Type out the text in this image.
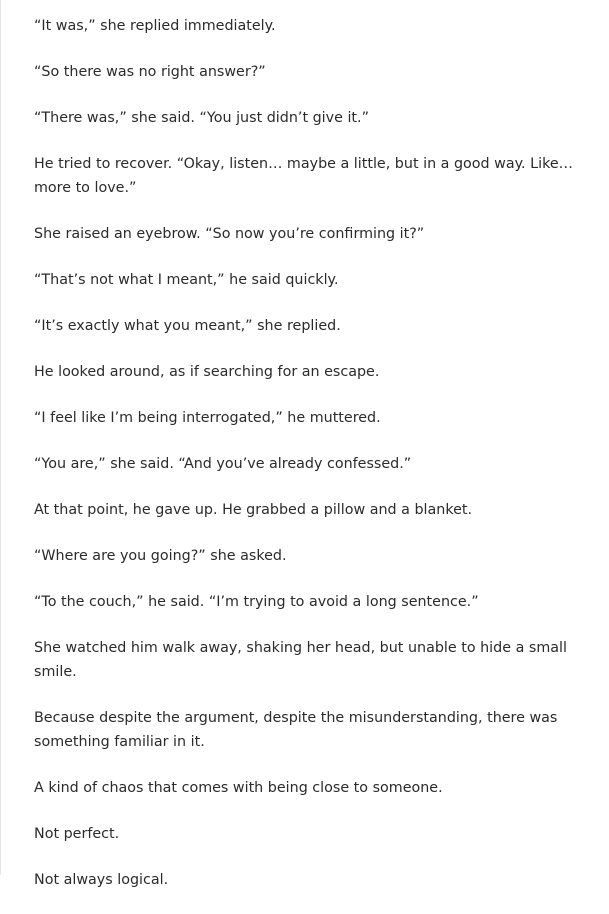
“It was,” she replied immediately.

“So there was no right answer?”

“There was,” she said. “You just didn’t give it.”

He tried to recover. “Okay, listen… maybe a little, but in a good way. Like… more to love.”

She raised an eyebrow. “So now you’re confirming it?”

“That’s not what I meant,” he said quickly.

“It’s exactly what you meant,” she replied.

He looked around, as if searching for an escape.

“I feel like I’m being interrogated,” he muttered.

“You are,” she said. “And you’ve already confessed.”

At that point, he gave up. He grabbed a pillow and a blanket.

“Where are you going?” she asked.

“To the couch,” he said. “I’m trying to avoid a long sentence.”

She watched him walk away, shaking her head, but unable to hide a small smile.

Because despite the argument, despite the misunderstanding, there was something familiar in it.

A kind of chaos that comes with being close to someone.

Not perfect.

Not always logical.
